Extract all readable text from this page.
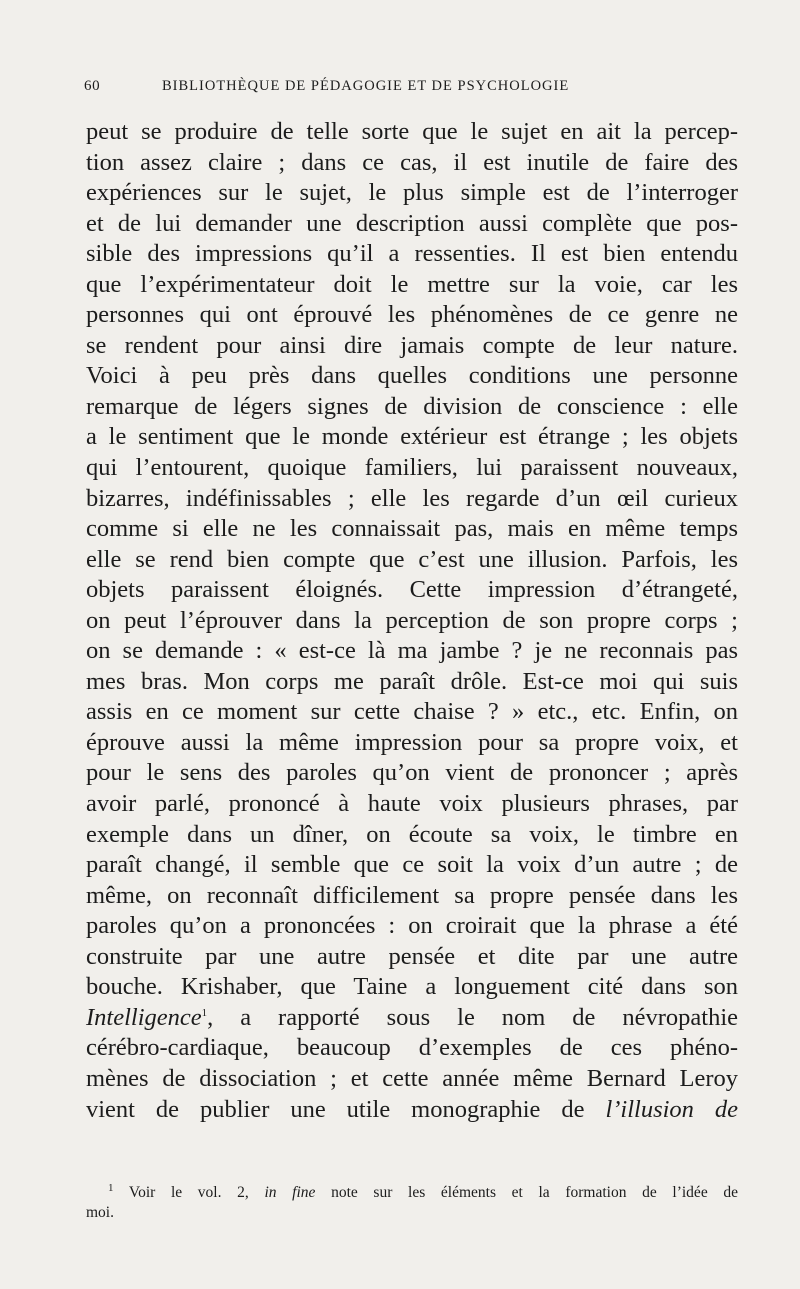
60	BIBLIOTHÈQUE DE PÉDAGOGIE ET DE PSYCHOLOGIE
peut se produire de telle sorte que le sujet en ait la percep-
tion assez claire ; dans ce cas, il est inutile de faire des
expériences sur le sujet, le plus simple est de l’interroger
et de lui demander une description aussi complète que pos-
sible des impressions qu’il a ressenties. Il est bien entendu
que l’expérimentateur doit le mettre sur la voie, car les
personnes qui ont éprouvé les phénomènes de ce genre ne
se rendent pour ainsi dire jamais compte de leur nature.
Voici à peu près dans quelles conditions une personne
remarque de légers signes de division de conscience : elle
a le sentiment que le monde extérieur est étrange ; les objets
qui l’entourent, quoique familiers, lui paraissent nouveaux,
bizarres, indéfinissables ; elle les regarde d’un œil curieux
comme si elle ne les connaissait pas, mais en même temps
elle se rend bien compte que c’est une illusion. Parfois, les
objets paraissent éloignés. Cette impression d’étrangeté,
on peut l’éprouver dans la perception de son propre corps ;
on se demande : « est-ce là ma jambe ? je ne reconnais pas
mes bras. Mon corps me paraît drôle. Est-ce moi qui suis
assis en ce moment sur cette chaise ? » etc., etc. Enfin, on
éprouve aussi la même impression pour sa propre voix, et
pour le sens des paroles qu’on vient de prononcer ; après
avoir parlé, prononcé à haute voix plusieurs phrases, par
exemple dans un dîner, on écoute sa voix, le timbre en
paraît changé, il semble que ce soit la voix d’un autre ; de
même, on reconnaît difficilement sa propre pensée dans les
paroles qu’on a prononcées : on croirait que la phrase a été
construite par une autre pensée et dite par une autre
bouche. Krishaber, que Taine a longuement cité dans son
Intelligence$^1$, a rapporté sous le nom de névropathie
cérébro-cardiaque, beaucoup d’exemples de ces phéno-
mènes de dissociation ; et cette année même Bernard Leroy
vient de publier une utile monographie de l’illusion de
$^1$ Voir le vol. 2, in fine note sur les éléments et la formation de l’idée de
moi.
